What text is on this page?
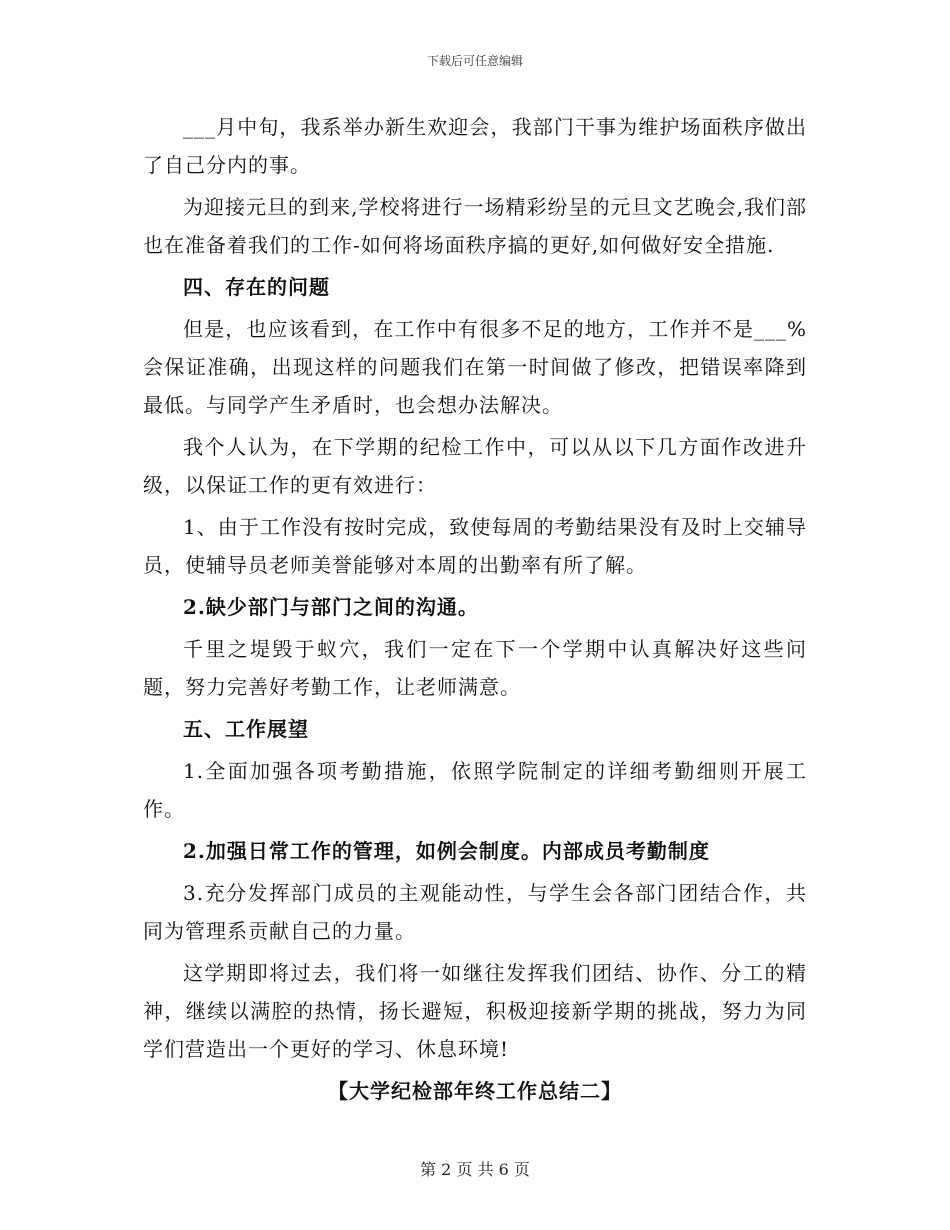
下载后可任意编辑

___月中旬，我系举办新生欢迎会，我部门干事为维护场面秩序做出了自己分内的事。

为迎接元旦的到来,学校将进行一场精彩纷呈的元旦文艺晚会,我们部也在准备着我们的工作-如何将场面秩序搞的更好,如何做好安全措施.

四、存在的问题

但是，也应该看到，在工作中有很多不足的地方，工作并不是___%会保证准确，出现这样的问题我们在第一时间做了修改，把错误率降到最低。与同学产生矛盾时，也会想办法解决。

我个人认为，在下学期的纪检工作中，可以从以下几方面作改进升级，以保证工作的更有效进行：

1、由于工作没有按时完成，致使每周的考勤结果没有及时上交辅导员，使辅导员老师美誉能够对本周的出勤率有所了解。

2.缺少部门与部门之间的沟通。

千里之堤毁于蚁穴，我们一定在下一个学期中认真解决好这些问题，努力完善好考勤工作，让老师满意。

五、工作展望

1.全面加强各项考勤措施，依照学院制定的详细考勤细则开展工作。

2.加强日常工作的管理，如例会制度。内部成员考勤制度

3.充分发挥部门成员的主观能动性，与学生会各部门团结合作，共同为管理系贡献自己的力量。

这学期即将过去，我们将一如继往发挥我们团结、协作、分工的精神，继续以满腔的热情，扬长避短，积极迎接新学期的挑战，努力为同学们营造出一个更好的学习、休息环境!

【大学纪检部年终工作总结二】

第 2 页 共 6 页
